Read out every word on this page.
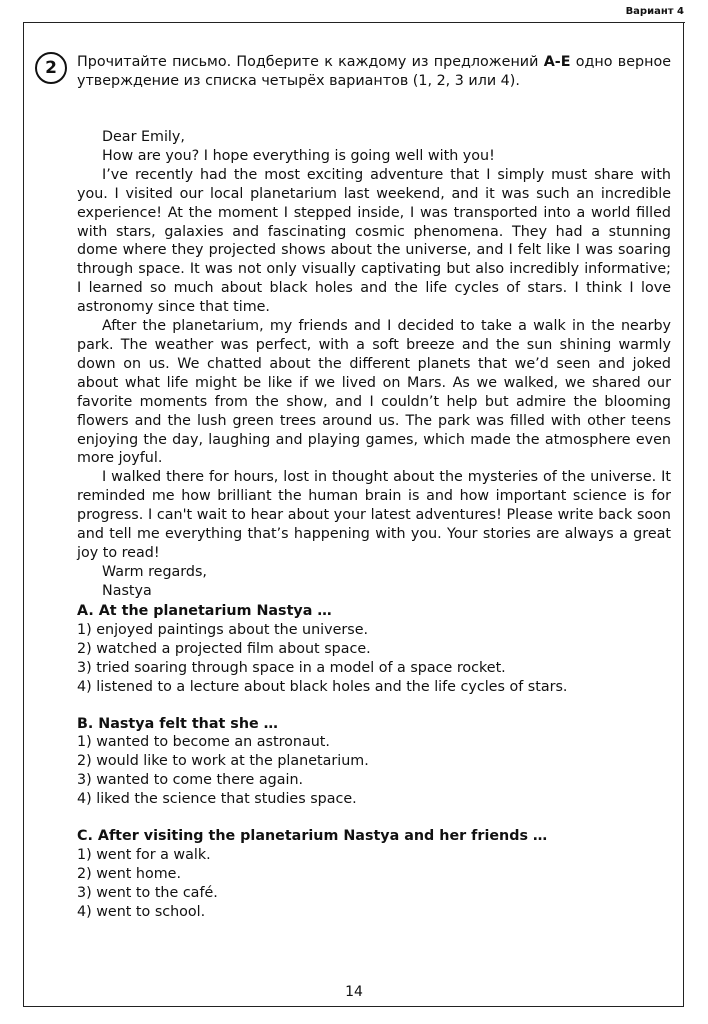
Вариант 4
2	Прочитайте письмо. Подберите к каждому из предложений A-E одно верное утверждение из списка четырёх вариантов (1, 2, 3 или 4).

Dear Emily,

How are you? I hope everything is going well with you!

I’ve recently had the most exciting adventure that I simply must share with you. I visited our local planetarium last weekend, and it was such an incredible experience! At the moment I stepped inside, I was transported into a world filled with stars, galaxies and fascinating cosmic phenomena. They had a stunning dome where they projected shows about the universe, and I felt like I was soaring through space. It was not only visually captivating but also incredibly informative; I learned so much about black holes and the life cycles of stars. I think I love astronomy since that time.

After the planetarium, my friends and I decided to take a walk in the nearby park. The weather was perfect, with a soft breeze and the sun shining warmly down on us. We chatted about the different planets that we’d seen and joked about what life might be like if we lived on Mars. As we walked, we shared our favorite moments from the show, and I couldn’t help but admire the blooming flowers and the lush green trees around us. The park was filled with other teens enjoying the day, laughing and playing games, which made the atmosphere even more joyful.

I walked there for hours, lost in thought about the mysteries of the universe. It reminded me how brilliant the human brain is and how important science is for progress. I can't wait to hear about your latest adventures! Please write back soon and tell me everything that’s happening with you. Your stories are always a great joy to read!

Warm regards,

Nastya

A. At the planetarium Nastya …
1) enjoyed paintings about the universe.
2) watched a projected film about space.
3) tried soaring through space in a model of a space rocket.
4) listened to a lecture about black holes and the life cycles of stars.
B. Nastya felt that she …
1) wanted to become an astronaut.
2) would like to work at the planetarium.
3) wanted to come there again.
4) liked the science that studies space.
C. After visiting the planetarium Nastya and her friends …
1) went for a walk.
2) went home.
3) went to the café.
4) went to school.
14
